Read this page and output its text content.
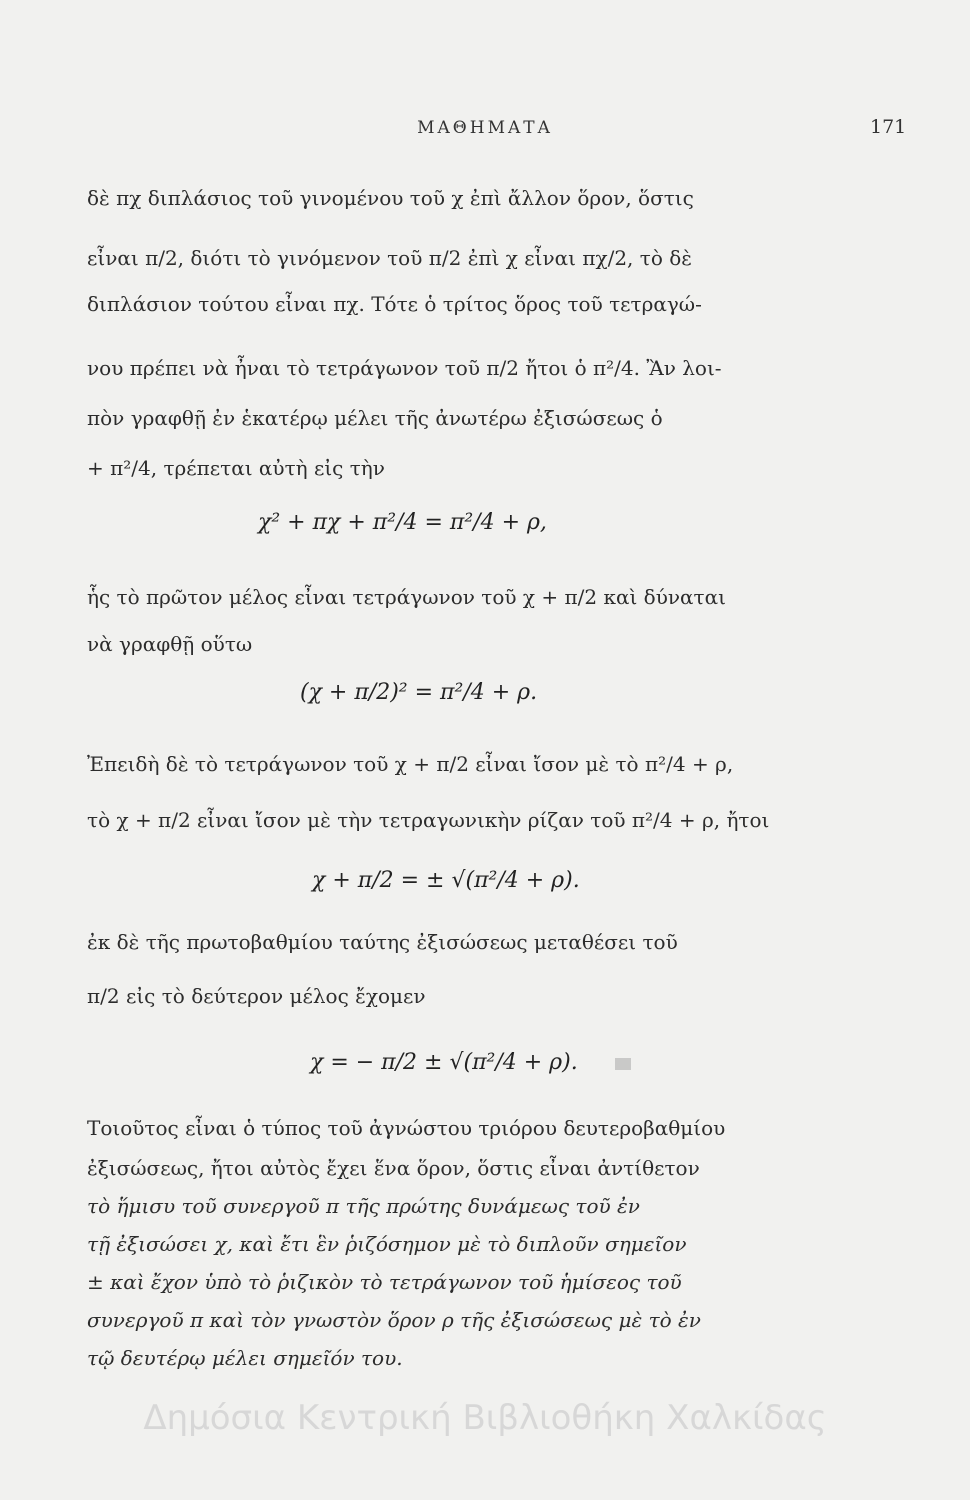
ΜΑΘΗΜΑΤΑ	171
δὲ πχ διπλάσιος τοῦ γινομένου τοῦ χ ἐπὶ ἄλλον ὅρον, ὅστις
εἶναι π/2, διότι τὸ γινόμενον τοῦ π/2 ἐπὶ χ εἶναι πχ/2, τὸ δὲ
διπλάσιον τούτου εἶναι πχ. Τότε ὁ τρίτος ὅρος τοῦ τετραγώ-
νου πρέπει νὰ ἦναι τὸ τετράγωνον τοῦ π/2 ἤτοι ὁ π²/4. Ἂν λοι-
πὸν γραφθῇ ἐν ἑκατέρῳ μέλει τῆς ἀνωτέρω ἐξισώσεως ὁ
+ π²/4, τρέπεται αὐτὴ εἰς τὴν
χ² + πχ + π²/4 = π²/4 + ρ,
ἧς τὸ πρῶτον μέλος εἶναι τετράγωνον τοῦ χ + π/2 καὶ δύναται
νὰ γραφθῇ οὕτω
(χ + π/2)² = π²/4 + ρ.
Ἐπειδὴ δὲ τὸ τετράγωνον τοῦ χ + π/2 εἶναι ἴσον μὲ τὸ π²/4 + ρ,
τὸ χ + π/2 εἶναι ἴσον μὲ τὴν τετραγωνικὴν ρίζαν τοῦ π²/4 + ρ, ἤτοι
χ + π/2 = ± √(π²/4 + ρ).
ἐκ δὲ τῆς πρωτοβαθμίου ταύτης ἐξισώσεως μεταθέσει τοῦ
π/2 εἰς τὸ δεύτερον μέλος ἔχομεν
χ = − π/2 ± √(π²/4 + ρ).
Τοιοῦτος εἶναι ὁ τύπος τοῦ ἀγνώστου τριόρου δευτεροβαθμίου
ἐξισώσεως, ἤτοι αὐτὸς ἔχει ἕνα ὅρον, ὅστις εἶναι ἀντίθετον
τὸ ἥμισυ τοῦ συνεργοῦ π τῆς πρώτης δυνάμεως τοῦ ἐν
τῇ ἐξισώσει χ, καὶ ἔτι ἓν ῥιζόσημον μὲ τὸ διπλοῦν σημεῖον
± καὶ ἔχον ὑπὸ τὸ ῥιζικὸν τὸ τετράγωνον τοῦ ἡμίσεος τοῦ
συνεργοῦ π καὶ τὸν γνωστὸν ὅρον ρ τῆς ἐξισώσεως μὲ τὸ ἐν
τῷ δευτέρῳ μέλει σημεῖόν του.
Δημόσια Κεντρική Βιβλιοθήκη Χαλκίδας
